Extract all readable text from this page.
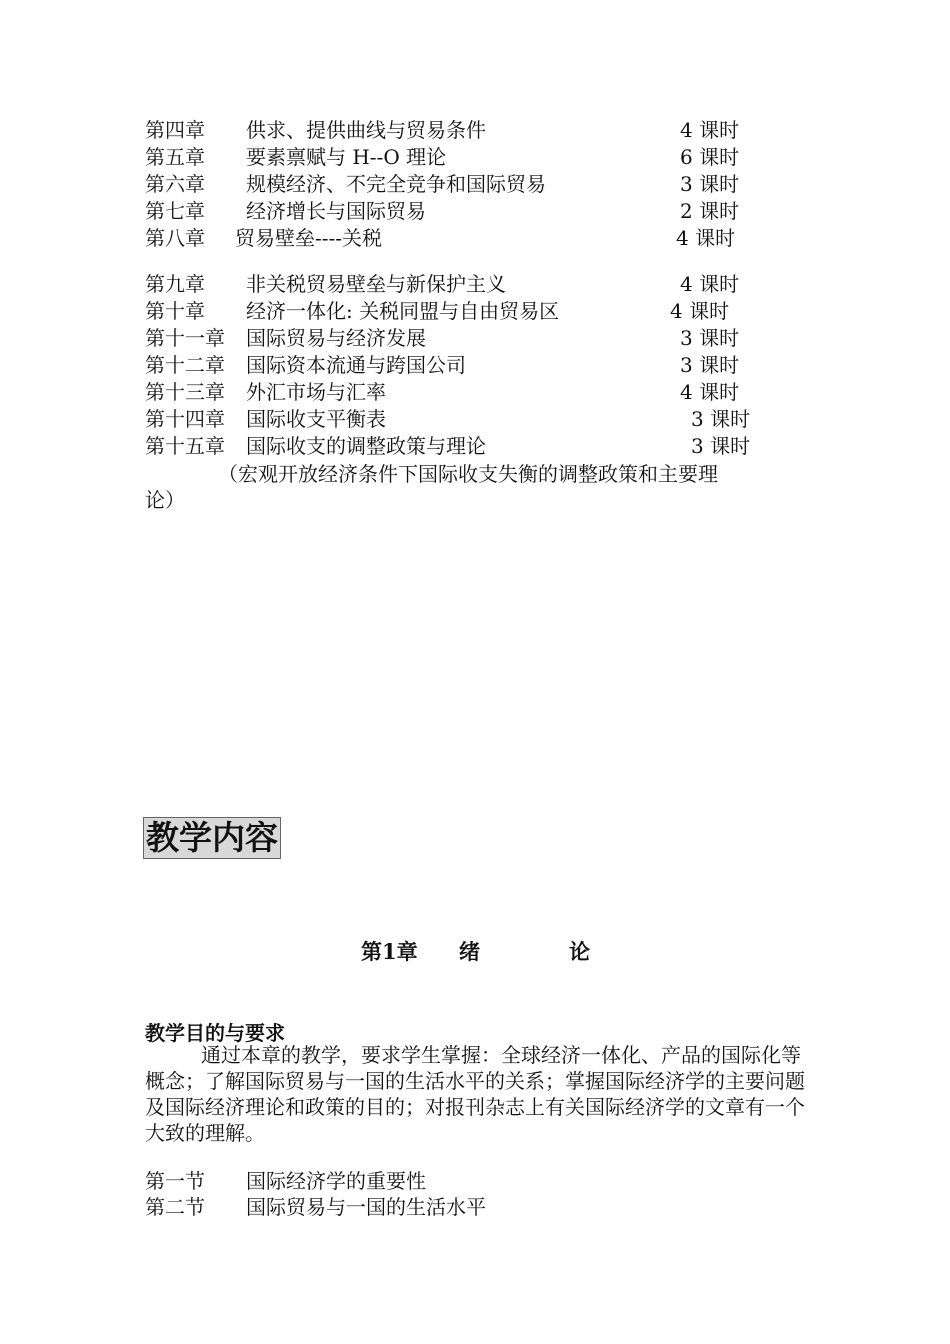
第四章 供求、提供曲线与贸易条件	4 课时
第五章 要素禀赋与 H--O 理论	6 课时
第六章 规模经济、不完全竞争和国际贸易	3 课时
第七章 经济增长与国际贸易	2 课时
第八章 贸易壁垒----关税	4 课时
第九章 非关税贸易壁垒与新保护主义	4 课时
第十章 经济一体化: 关税同盟与自由贸易区	4 课时
第十一章 国际贸易与经济发展	3 课时
第十二章 国际资本流通与跨国公司	3 课时
第十三章 外汇市场与汇率	4 课时
第十四章 国际收支平衡表	3 课时
第十五章 国际收支的调整政策与理论	3 课时
（宏观开放经济条件下国际收支失衡的调整政策和主要理
论）
教学内容
第1章 绪	论
教学目的与要求
通过本章的教学，要求学生掌握：全球经济一体化、产品的国际化等概念；了解国际贸易与一国的生活水平的关系；掌握国际经济学的主要问题及国际经济理论和政策的目的；对报刊杂志上有关国际经济学的文章有一个大致的理解。
第一节 国际经济学的重要性
第二节 国际贸易与一国的生活水平
